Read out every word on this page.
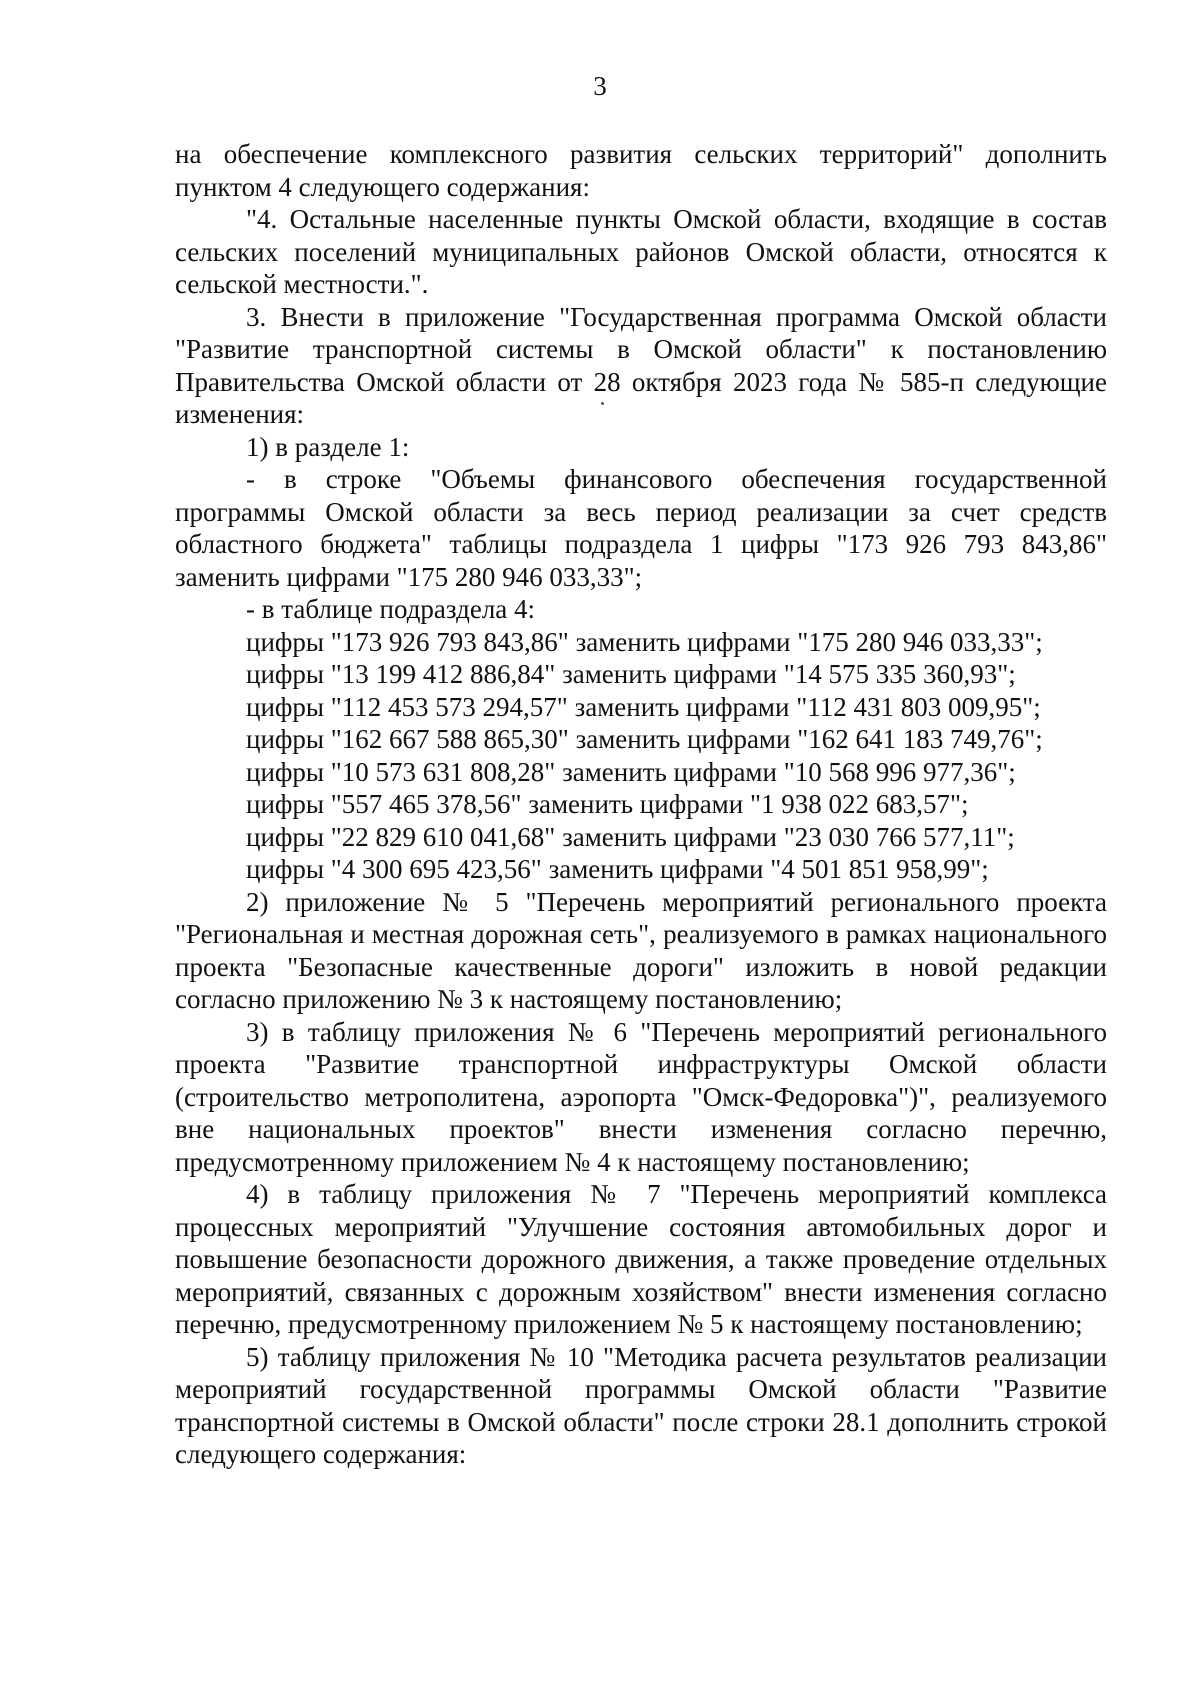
3

на обеспечение комплексного развития сельских территорий" дополнить пунктом 4 следующего содержания:

"4. Остальные населенные пункты Омской области, входящие в состав сельских поселений муниципальных районов Омской области, относятся к сельской местности.".

3. Внести в приложение "Государственная программа Омской области "Развитие транспортной системы в Омской области" к постановлению Правительства Омской области от 28 октября 2023 года № 585-п следующие изменения:

1) в разделе 1:

- в строке "Объемы финансового обеспечения государственной программы Омской области за весь период реализации за счет средств областного бюджета" таблицы подраздела 1 цифры "173 926 793 843,86" заменить цифрами "175 280 946 033,33";

- в таблице подраздела 4:

цифры "173 926 793 843,86" заменить цифрами "175 280 946 033,33";

цифры "13 199 412 886,84" заменить цифрами "14 575 335 360,93";

цифры "112 453 573 294,57" заменить цифрами "112 431 803 009,95";

цифры "162 667 588 865,30" заменить цифрами "162 641 183 749,76";

цифры "10 573 631 808,28" заменить цифрами "10 568 996 977,36";

цифры "557 465 378,56" заменить цифрами "1 938 022 683,57";

цифры "22 829 610 041,68" заменить цифрами "23 030 766 577,11";

цифры "4 300 695 423,56" заменить цифрами "4 501 851 958,99";

2) приложение № 5 "Перечень мероприятий регионального проекта "Региональная и местная дорожная сеть", реализуемого в рамках национального проекта "Безопасные качественные дороги" изложить в новой редакции согласно приложению № 3 к настоящему постановлению;

3) в таблицу приложения № 6 "Перечень мероприятий регионального проекта "Развитие транспортной инфраструктуры Омской области (строительство метрополитена, аэропорта "Омск-Федоровка")", реализуемого вне национальных проектов" внести изменения согласно перечню, предусмотренному приложением № 4 к настоящему постановлению;

4) в таблицу приложения № 7 "Перечень мероприятий комплекса процессных мероприятий "Улучшение состояния автомобильных дорог и повышение безопасности дорожного движения, а также проведение отдельных мероприятий, связанных с дорожным хозяйством" внести изменения согласно перечню, предусмотренному приложением № 5 к настоящему постановлению;

5) таблицу приложения № 10 "Методика расчета результатов реализации мероприятий государственной программы Омской области "Развитие транспортной системы в Омской области" после строки 28.1 дополнить строкой следующего содержания:
